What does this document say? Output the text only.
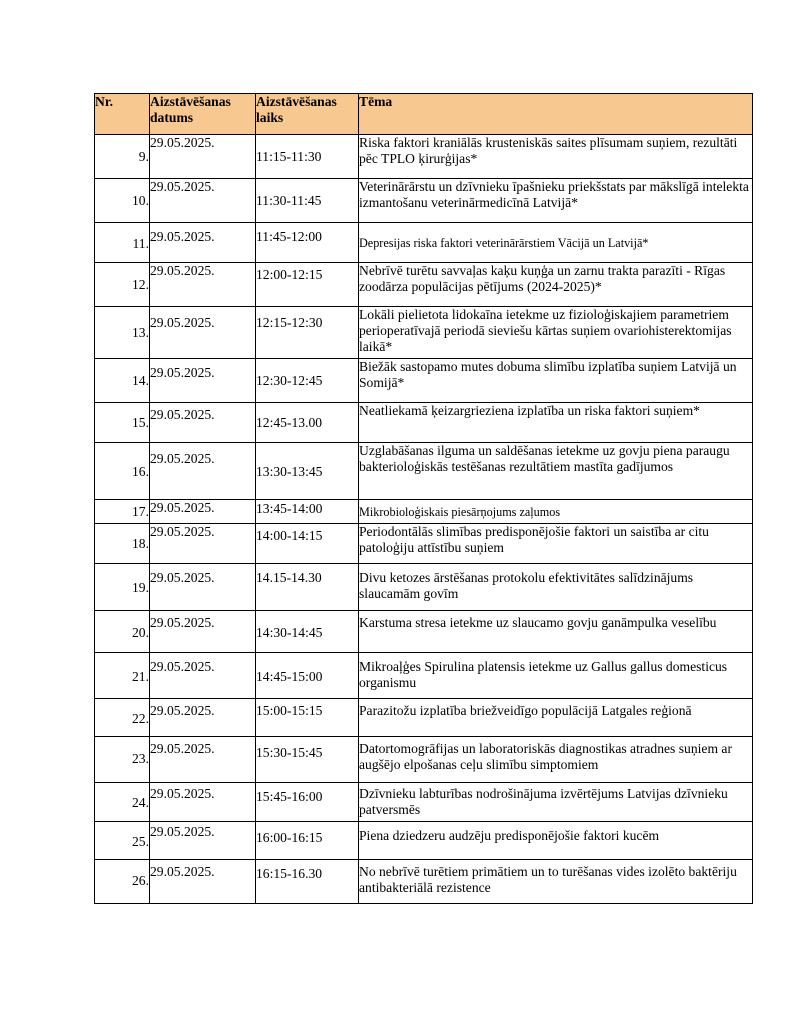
Nr.	Aizstāvēšanas datums	Aizstāvēšanas laiks	Tēma
9.	29.05.2025.	11:15-11:30	Riska faktori kraniālās krusteniskās saites plīsumam suņiem, rezultāti pēc TPLO ķirurģijas*
10.	29.05.2025.	11:30-11:45	Veterinārārstu un dzīvnieku īpašnieku priekšstats par mākslīgā intelekta izmantošanu veterinārmedicīnā Latvijā*
11.	29.05.2025.	11:45-12:00	Depresijas riska faktori veterinārārstiem Vācijā un Latvijā*
12.	29.05.2025.	12:00-12:15	Nebrīvē turētu savvaļas kaķu kuņģa un zarnu trakta parazīti - Rīgas zoodārza populācijas pētījums (2024-2025)*
13.	29.05.2025.	12:15-12:30	Lokāli pielietota lidokaīna ietekme uz fizioloģiskajiem parametriem perioperatīvajā periodā sieviešu kārtas suņiem ovariohisterektomijas laikā*
14.	29.05.2025.	12:30-12:45	Biežāk sastopamo mutes dobuma slimību izplatība suņiem Latvijā un Somijā*
15.	29.05.2025.	12:45-13.00	Neatliekamā ķeizargrieziena izplatība un riska faktori suņiem*
16.	29.05.2025.	13:30-13:45	Uzglabāšanas ilguma un saldēšanas ietekme uz govju piena paraugu bakterioloģiskās testēšanas rezultātiem mastīta gadījumos
17.	29.05.2025.	13:45-14:00	Mikrobioloģiskais piesārņojums zaļumos
18.	29.05.2025.	14:00-14:15	Periodontālās slimības predisponējošie faktori un saistība ar citu patoloģiju attīstību suņiem
19.	29.05.2025.	14.15-14.30	Divu ketozes ārstēšanas protokolu efektivitātes salīdzinājums slaucamām govīm
20.	29.05.2025.	14:30-14:45	Karstuma stresa ietekme uz slaucamo govju ganāmpulka veselību
21.	29.05.2025.	14:45-15:00	Mikroaļģes Spirulina platensis ietekme uz Gallus gallus domesticus organismu
22.	29.05.2025.	15:00-15:15	Parazitožu izplatība briežveidīgo populācijā Latgales reģionā
23.	29.05.2025.	15:30-15:45	Datortomogrāfijas un laboratoriskās diagnostikas atradnes suņiem ar augšējo elpošanas ceļu slimību simptomiem
24.	29.05.2025.	15:45-16:00	Dzīvnieku labturības nodrošinājuma izvērtējums Latvijas dzīvnieku patversmēs
25.	29.05.2025.	16:00-16:15	Piena dziedzeru audzēju predisponējošie faktori kucēm
26.	29.05.2025.	16:15-16.30	No nebrīvē turētiem primātiem un to turēšanas vides izolēto baktēriju antibakteriālā rezistence
